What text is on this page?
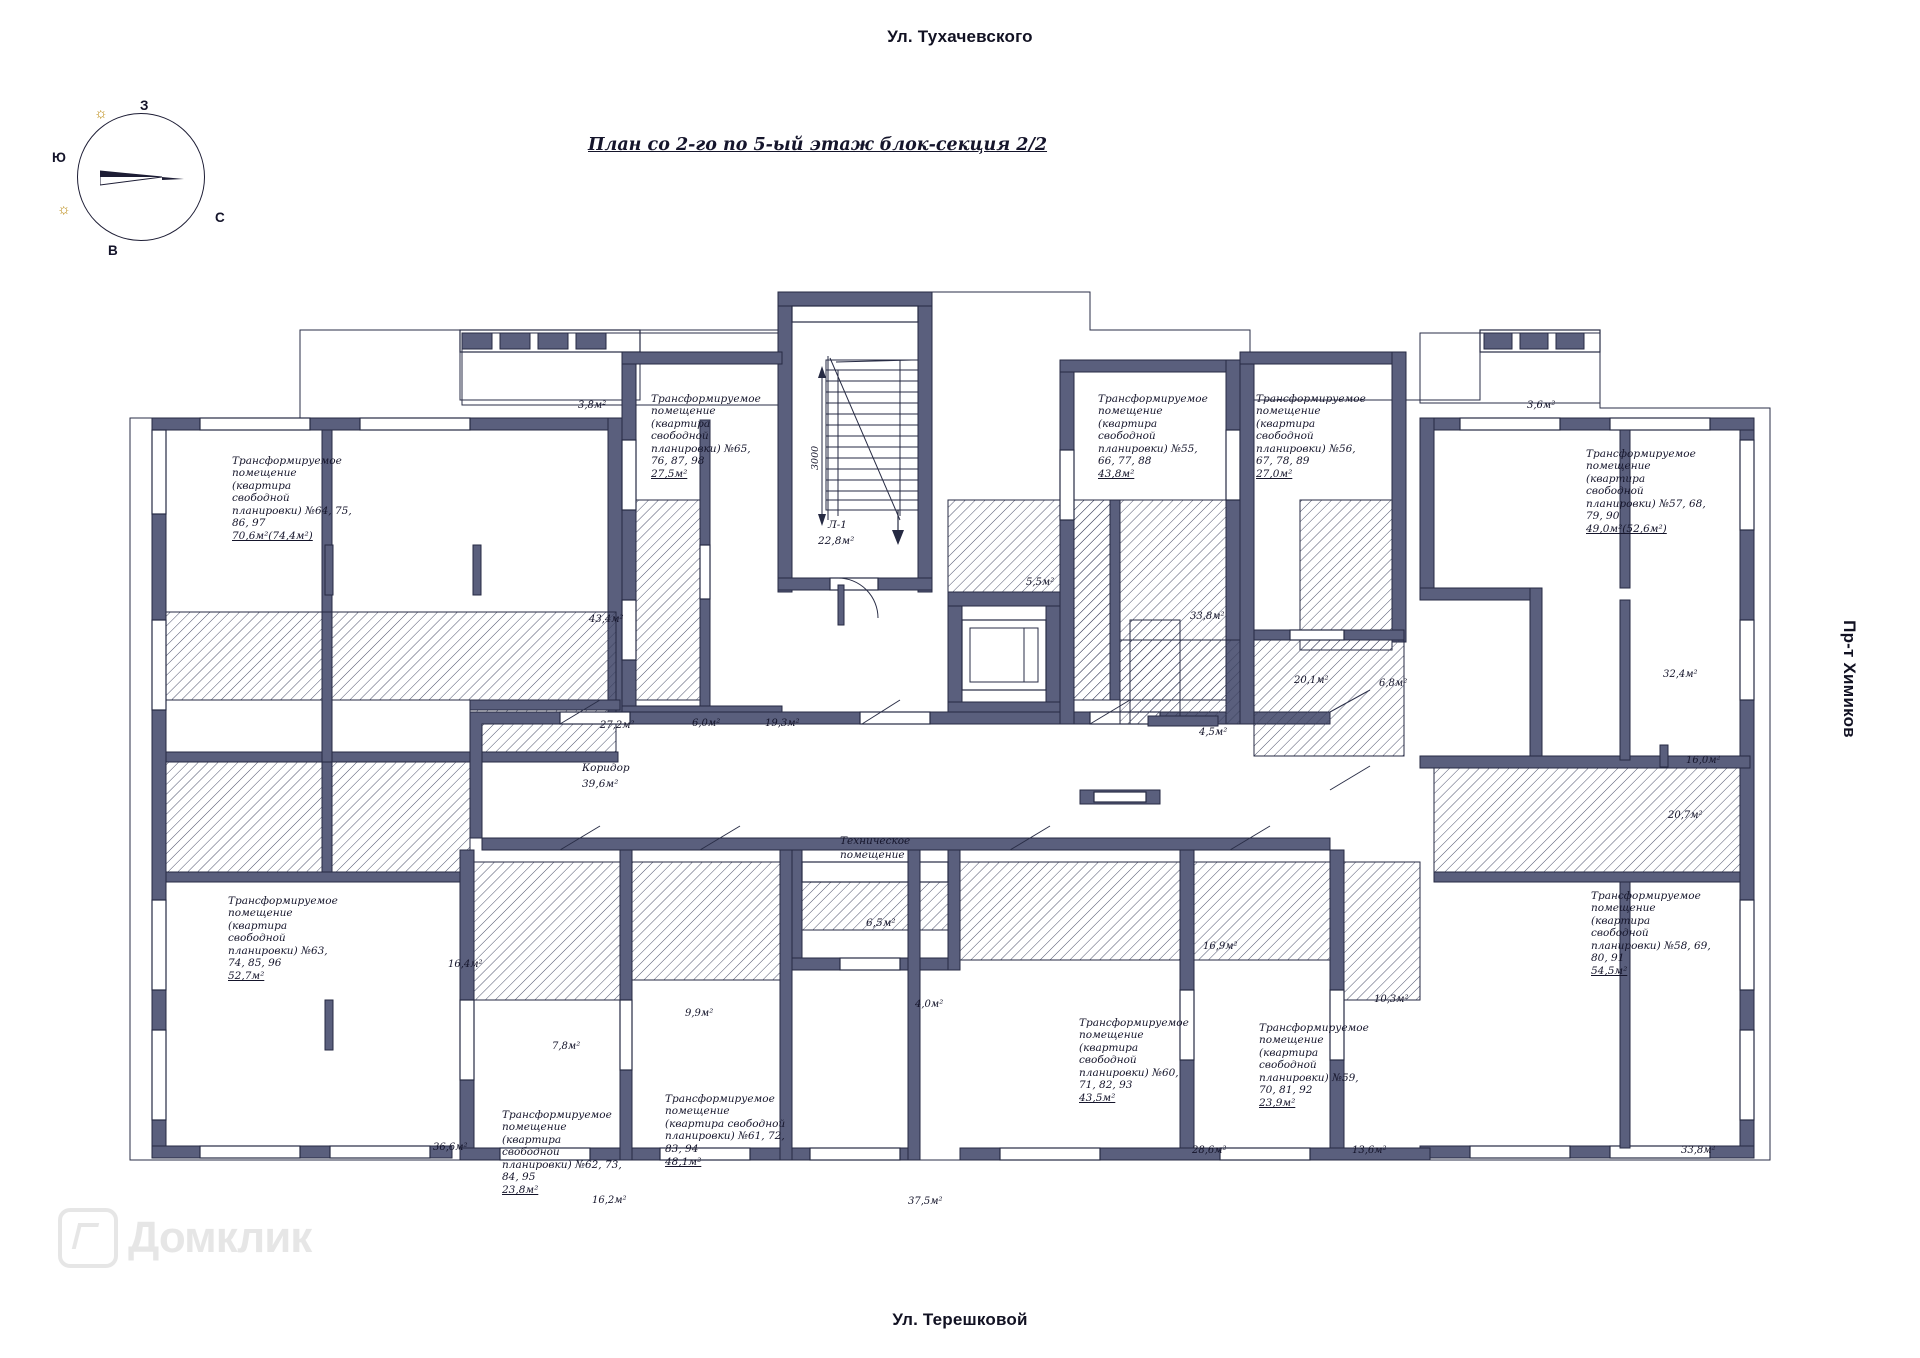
Ул. Тухачевского
Ул. Терешковой
Пр-т Химиков
План со 2-го по 5-ый этаж блок-секция 2/2
☼
☼
З
Ю
С
В
3000
Л-1
22,8м²
Коридор
39,6м²
Техническое
помещение
6,5м²
Трансформируемое помещение (квартира свободной планировки) №64, 75, 86, 97
70,6м²(74,4м²)
Трансформируемое помещение (квартира свободной планировки) №65, 76, 87, 98
27,5м²
Трансформируемое помещение (квартира свободной планировки) №55, 66, 77, 88
43,8м²
Трансформируемое помещение (квартира свободной планировки) №56, 67, 78, 89
27,0м²
Трансформируемое помещение (квартира свободной планировки) №57, 68, 79, 90
49,0м²(52,6м²)
Трансформируемое помещение (квартира свободной планировки) №58, 69, 80, 91
54,5м²
Трансформируемое помещение (квартира свободной планировки) №59, 70, 81, 92
23,9м²
Трансформируемое помещение (квартира свободной планировки) №60, 71, 82, 93
43,5м²
Трансформируемое помещение (квартира свободной планировки) №61, 72, 83, 94
48,1м²
Трансформируемое помещение (квартира свободной планировки) №62, 73, 84, 95
23,8м²
Трансформируемое помещение (квартира свободной планировки) №63, 74, 85, 96
52,7м²
3,8м²	3,6м²
43,4м²	33,8м²
5,5м²
32,4м²
20,1м²	6,8м²
27,2м²	6,0м²	19,3м²
4,5м²
16,0м²
20,7м²
16,4м²
7,8м²
9,9м²
4,0м²
16,9м²
10,3м²
36,6м²
16,2м²	37,5м²
28,6м²	13,6м²	33,8м²
Домклик
